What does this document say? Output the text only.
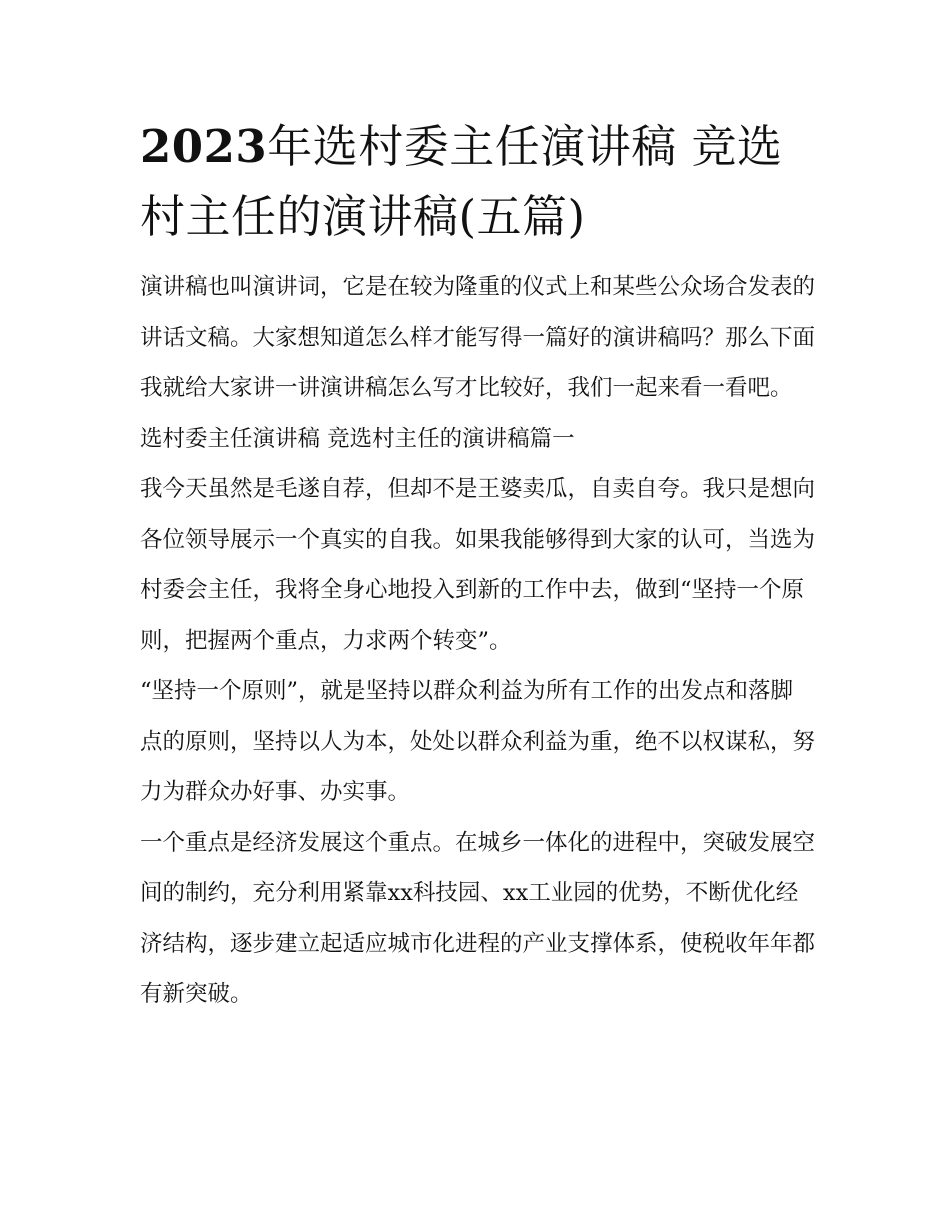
2023年选村委主任演讲稿 竞选村主任的演讲稿(五篇)

演讲稿也叫演讲词，它是在较为隆重的仪式上和某些公众场合发表的讲话文稿。大家想知道怎么样才能写得一篇好的演讲稿吗？那么下面我就给大家讲一讲演讲稿怎么写才比较好，我们一起来看一看吧。

选村委主任演讲稿 竞选村主任的演讲稿篇一

我今天虽然是毛遂自荐，但却不是王婆卖瓜，自卖自夸。我只是想向各位领导展示一个真实的自我。如果我能够得到大家的认可，当选为村委会主任，我将全身心地投入到新的工作中去，做到“坚持一个原则，把握两个重点，力求两个转变”。

“坚持一个原则”，就是坚持以群众利益为所有工作的出发点和落脚点的原则，坚持以人为本，处处以群众利益为重，绝不以权谋私，努力为群众办好事、办实事。

一个重点是经济发展这个重点。在城乡一体化的进程中，突破发展空间的制约，充分利用紧靠xx科技园、xx工业园的优势，不断优化经济结构，逐步建立起适应城市化进程的产业支撑体系，使税收年年都有新突破。
